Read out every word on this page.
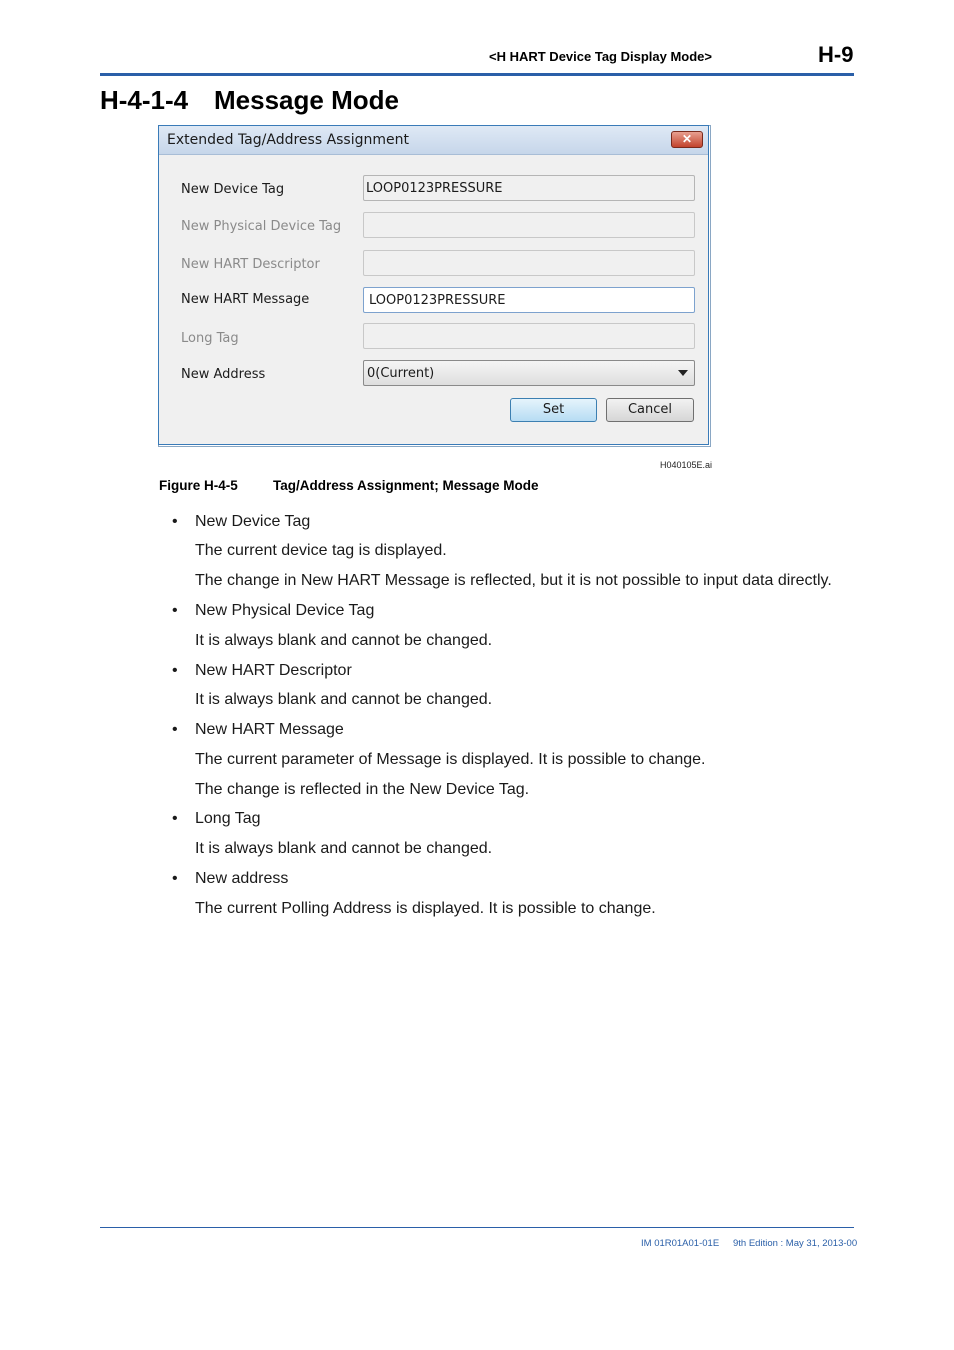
<H HART Device Tag Display Mode>	H-9
H-4-1-4 Message Mode
Extended Tag/Address Assignment	✕
New Device Tag	LOOP0123PRESSURE
New Physical Device Tag
New HART Descriptor
New HART Message	LOOP0123PRESSURE
Long Tag
New Address	0(Current)
Set	Cancel
H040105E.ai
Figure H-4-5	Tag/Address Assignment; Message Mode
• New Device Tag
The current device tag is displayed.
The change in New HART Message is reflected, but it is not possible to input data directly.
• New Physical Device Tag
It is always blank and cannot be changed.
• New HART Descriptor
It is always blank and cannot be changed.
• New HART Message
The current parameter of Message is displayed. It is possible to change.
The change is reflected in the New Device Tag.
• Long Tag
It is always blank and cannot be changed.
• New address
The current Polling Address is displayed. It is possible to change.
IM 01R01A01-01E 9th Edition : May 31, 2013-00
